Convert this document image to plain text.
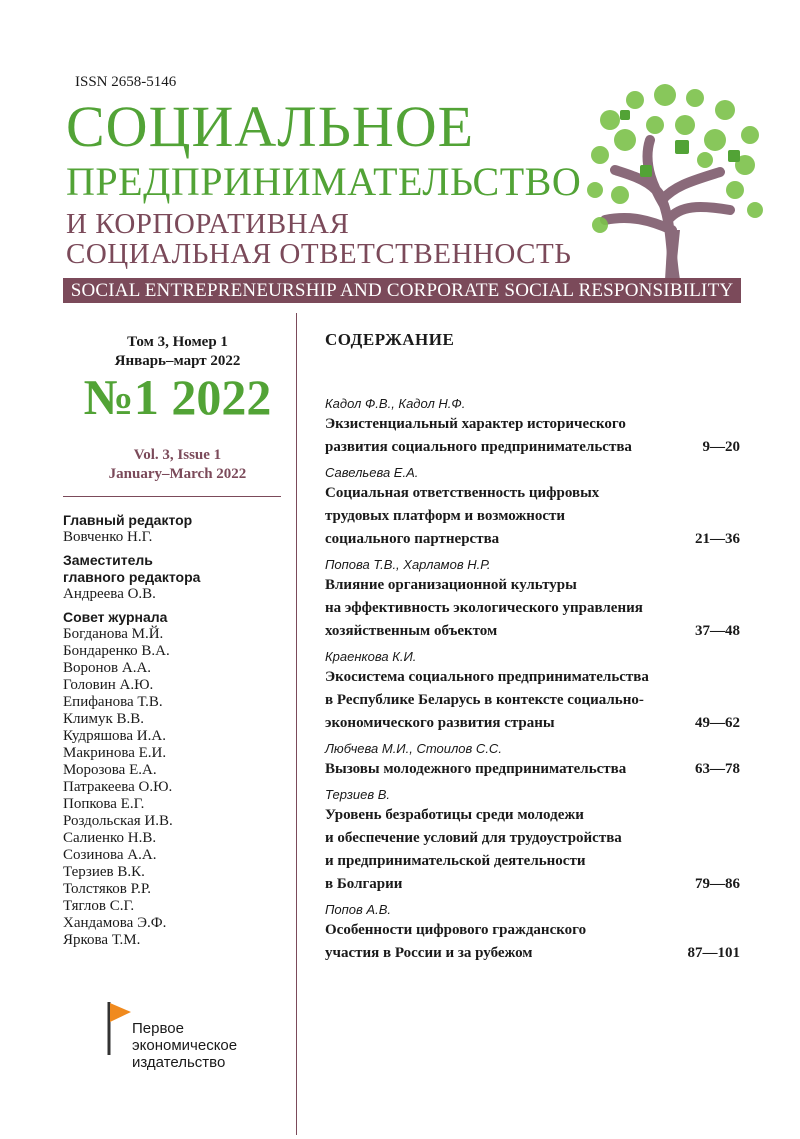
ISSN 2658-5146
СОЦИАЛЬНОЕ
ПРЕДПРИНИМАТЕЛЬСТВО
И КОРПОРАТИВНАЯ
СОЦИАЛЬНАЯ ОТВЕТСТВЕННОСТЬ
SOCIAL ENTREPRENEURSHIP AND CORPORATE SOCIAL RESPONSIBILITY
Том 3, Номер 1
Январь–март 2022
№1 2022
Vol. 3, Issue 1
January–March 2022
Главный редактор
Вовченко Н.Г.
Заместитель
главного редактора
Андреева О.В.
Совет журнала
Богданова М.Й.
Бондаренко В.А.
Воронов А.А.
Головин А.Ю.
Епифанова Т.В.
Климук В.В.
Кудряшова И.А.
Макринова Е.И.
Морозова Е.А.
Патракеева О.Ю.
Попкова Е.Г.
Роздольская И.В.
Салиенко Н.В.
Созинова А.А.
Терзиев В.К.
Толстяков Р.Р.
Тяглов С.Г.
Хандамова Э.Ф.
Яркова Т.М.
Первое
экономическое
издательство
СОДЕРЖАНИЕ
Кадол Ф.В., Кадол Н.Ф.
Экзистенциальный характер исторического
развития социального предпринимательства	9—20
Савельева Е.А.
Социальная ответственность цифровых
трудовых платформ и возможности
социального партнерства	21—36
Попова Т.В., Харламов Н.Р.
Влияние организационной культуры
на эффективность экологического управления
хозяйственным объектом	37—48
Краенкова К.И.
Экосистема социального предпринимательства
в Республике Беларусь в контексте социально-
экономического развития страны	49—62
Любчева М.И., Стоилов С.С.
Вызовы молодежного предпринимательства	63—78
Терзиев В.
Уровень безработицы среди молодежи
и обеспечение условий для трудоустройства
и предпринимательской деятельности
в Болгарии	79—86
Попов А.В.
Особенности цифрового гражданского
участия в России и за рубежом	87—101
